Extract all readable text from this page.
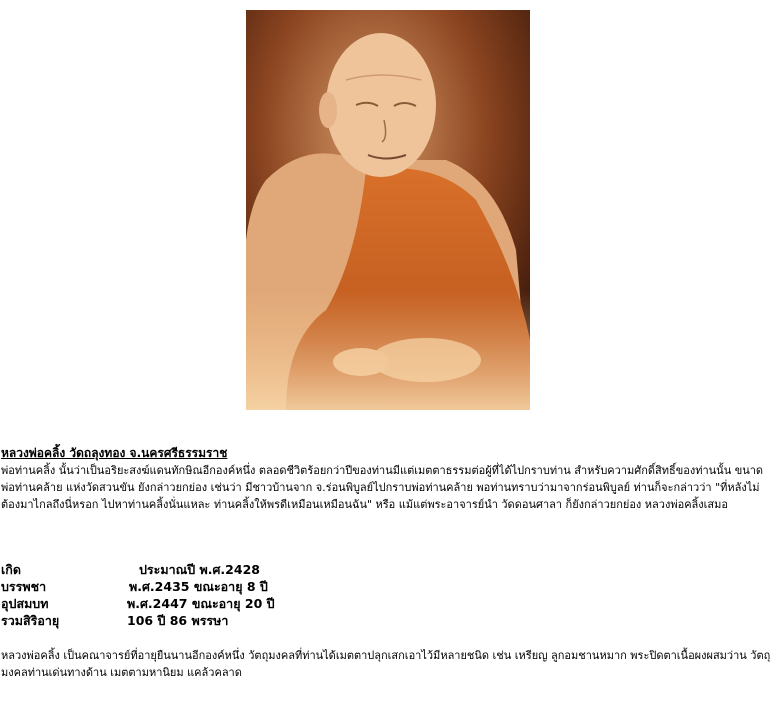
หลวงพ่อคลิ้ง วัดถลุงทอง จ.นครศรีธรรมราช
พ่อท่านคลิ้ง นั้นว่าเป็นอริยะสงฆ์แดนทักษิณอีกองค์หนึ่ง ตลอดชีวิตร้อยกว่าปีของท่านมีแต่เมตตาธรรมต่อผู้ที่ได้ไปกราบท่าน สำหรับความศักดิ์สิทธิ์ของท่านนั้น ขนาดพ่อท่านคล้าย แห่งวัดสวนขัน ยังกล่าวยกย่อง เช่นว่า มีชาวบ้านจาก จ.ร่อนพิบูลย์ไปกราบพ่อท่านคล้าย พอท่านทราบว่ามาจากร่อนพิบูลย์ ท่านก็จะกล่าวว่า "ที่หลังไม่ต้องมาไกลถึงนี่หรอก ไปหาท่านคลิ้งนั่นแหละ ท่านคลิ้งให้พรดีเหมือนเหมือนฉัน" หรือ แม้แต่พระอาจารย์นำ วัดดอนศาลา ก็ยังกล่าวยกย่อง หลวงพ่อคลิ้งเสมอ
เกิด	ประมาณปี พ.ศ.2428
บรรพชา	พ.ศ.2435 ขณะอายุ 8 ปี
อุปสมบท	พ.ศ.2447 ขณะอายุ 20 ปี
รวมสิริอายุ	106 ปี 86 พรรษา
หลวงพ่อคลิ้ง เป็นคณาจารย์ที่อายุยืนนานอีกองค์หนึ่ง วัตถุมงคลที่ท่านได้เมตตาปลุกเสกเอาไว้มีหลายชนิด เช่น เหรียญ ลูกอมชานหมาก พระปิดตาเนื้อผงผสมว่าน วัตถุมงคลท่านเด่นทางด้าน เมตตามหานิยม แคล้วคลาด
